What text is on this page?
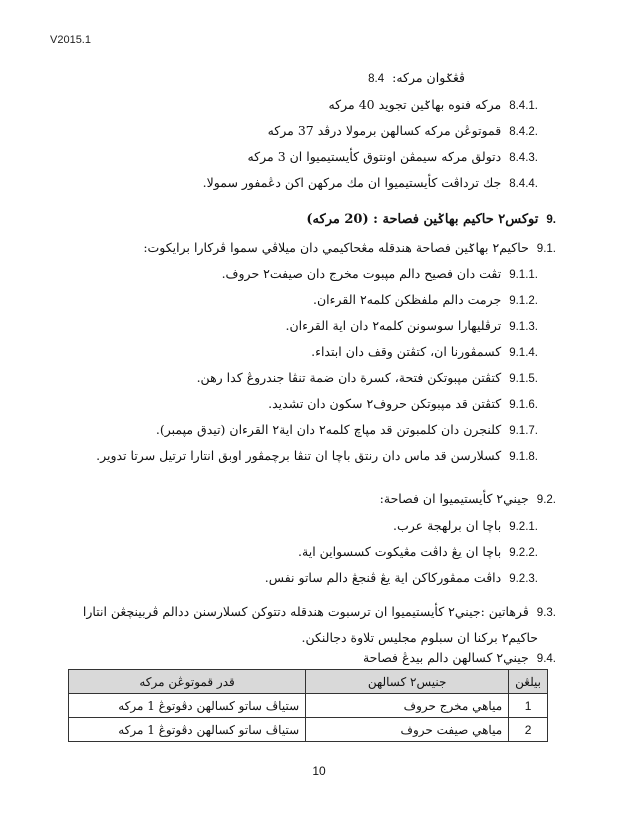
V2015.1
ڤڠݢوان مركه:8.4
.8.4.1مركه فنوه بهاݢين تجويد 40 مركه
.8.4.2قموتوڠن مركه كسالهن برمولا درڤد 37 مركه
.8.4.3دتولق مركه سيمڤن اونتوق كأيستيميوا ان 3 مركه
.8.4.4جك ترداڤت كأيستيميوا ان مك مركهن اكن دڠمفور سمولا.
.9توكس٢ حاكيم بهاݢين فصاحة : (20 مركه)
.9.1حاكيم٢ بهاݢين فصاحة هندقله مڠحاكيمي دان ميلاڤي سموا ڤركارا برايكوت:
.9.1.1تڤت دان فصيح دالم مپبوت مخرج دان صيفت٢ حروف.
.9.1.2جرمت دالم ملفظكن كلمه٢ القرءان.
.9.1.3ترڤليهارا سوسونن كلمه٢ دان اية القرءان.
.9.1.4كسمڤورنا ان، كتڤتن وقف دان ابتداء.
.9.1.5كتڤتن مپبوتكن فتحة، كسرة دان ضمة تنڤا جندروڠ كدا رهن.
.9.1.6كتڤتن قد مپبوتكن حروف٢ سكون دان تشديد.
.9.1.7كلنجرن دان كلمبوتن قد مپاچ كلمه٢ دان اية٢ القرءان (تيدق مپمبر).
.9.1.8كسلارسن قد ماس دان رنتق باچا ان تنڤا برچمڤور اوبق انتارا ترتيل سرتا تدوير.
.9.2جيني٢ كأيستيميوا ان فصاحة:
.9.2.1باچا ان برلهجة عرب.
.9.2.2باچا ان يڠ داڤت مڠيكوت كسسواين اية.
.9.2.3داڤت ممڤوركاكن اية يڠ ڤنجڠ دالم ساتو نفس.
.9.3ڤرهاتين :جيني٢ كأيستيميوا ان ترسبوت هندقله دتتوكن كسلارسنن ددالم ڤربينچڠن انتارا
حاكيم٢ بركنا ان سبلوم مجليس تلاوة دجالنكن.
.9.4جيني٢ كسالهن دالم بيدڠ فصاحة
بيلڠن	جنيس٢ كسالهن	قدر قموتوڠن مركه
1	مياهي مخرج حروف	ستياڤ ساتو كسالهن دڤوتوڠ 1 مركه
2	مياهي صيفت حروف	ستياڤ ساتو كسالهن دڤوتوڠ 1 مركه
10
